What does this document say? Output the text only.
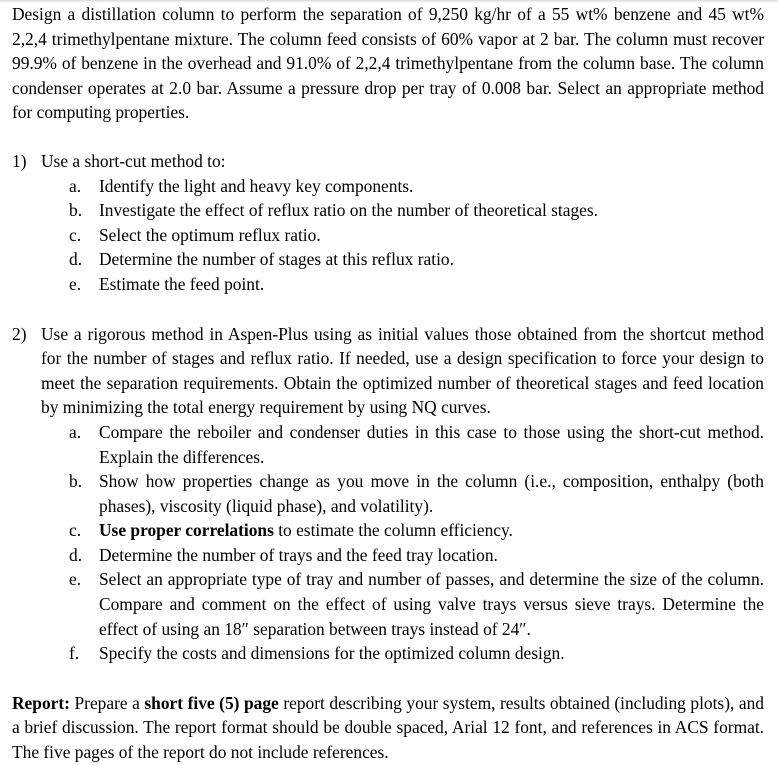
Design a distillation column to perform the separation of 9,250 kg/hr of a 55 wt% benzene and 45 wt% 2,2,4 trimethylpentane mixture. The column feed consists of 60% vapor at 2 bar. The column must recover 99.9% of benzene in the overhead and 91.0% of 2,2,4 trimethylpentane from the column base. The column condenser operates at 2.0 bar. Assume a pressure drop per tray of 0.008 bar. Select an appropriate method for computing properties.

1) Use a short-cut method to:
a. Identify the light and heavy key components.
b. Investigate the effect of reflux ratio on the number of theoretical stages.
c. Select the optimum reflux ratio.
d. Determine the number of stages at this reflux ratio.
e. Estimate the feed point.
2) Use a rigorous method in Aspen-Plus using as initial values those obtained from the shortcut method for the number of stages and reflux ratio. If needed, use a design specification to force your design to meet the separation requirements. Obtain the optimized number of theoretical stages and feed location by minimizing the total energy requirement by using NQ curves.
a. Compare the reboiler and condenser duties in this case to those using the short-cut method. Explain the differences.
b. Show how properties change as you move in the column (i.e., composition, enthalpy (both phases), viscosity (liquid phase), and volatility).
c. Use proper correlations to estimate the column efficiency.
d. Determine the number of trays and the feed tray location.
e. Select an appropriate type of tray and number of passes, and determine the size of the column. Compare and comment on the effect of using valve trays versus sieve trays. Determine the effect of using an 18″ separation between trays instead of 24″.
f. Specify the costs and dimensions for the optimized column design.

Report: Prepare a short five (5) page report describing your system, results obtained (including plots), and a brief discussion. The report format should be double spaced, Arial 12 font, and references in ACS format. The five pages of the report do not include references.
